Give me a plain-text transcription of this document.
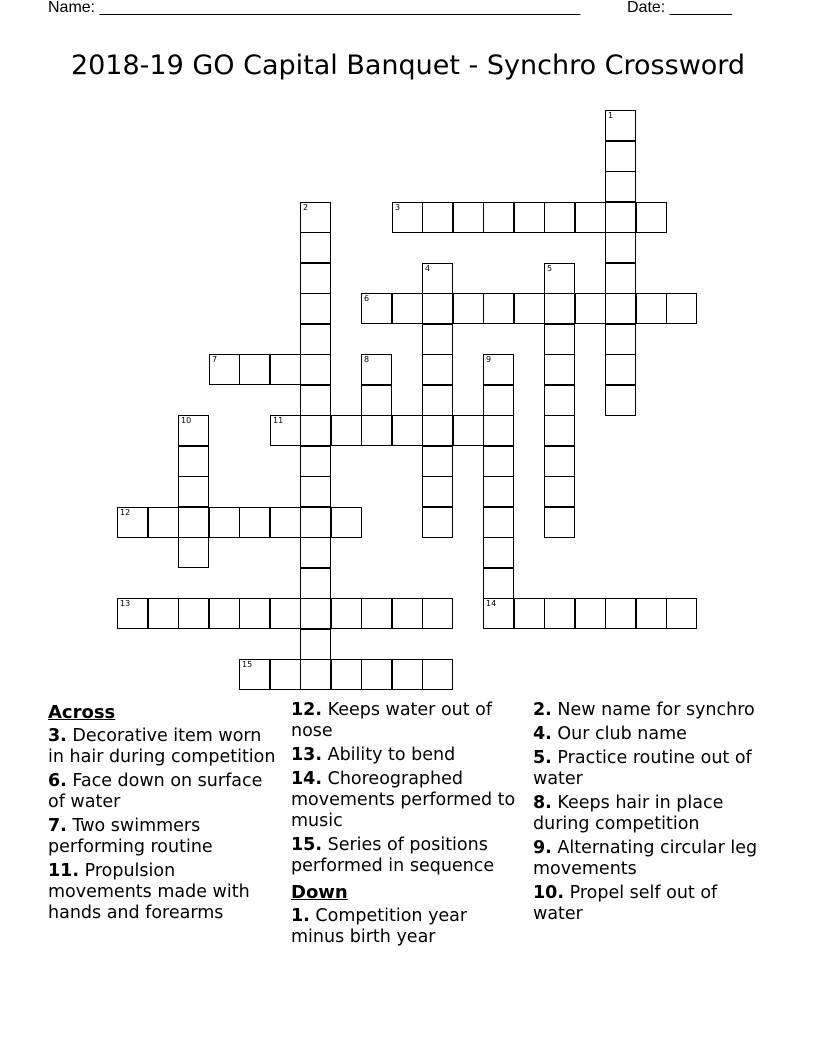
Name: ______________________________________________________	Date: _______
2018-19 GO Capital Banquet - Synchro Crossword
1
2
4	5
8	9
14
10
3
6
7
11
12
13
15
Across
3. Decorative item worn in hair during competition
6. Face down on surface of water
7. Two swimmers performing routine
11. Propulsion movements made with hands and forearms
12. Keeps water out of nose
13. Ability to bend
14. Choreographed movements performed to music
15. Series of positions performed in sequence
Down
1. Competition year minus birth year
2. New name for synchro
4. Our club name
5. Practice routine out of water
8. Keeps hair in place during competition
9. Alternating circular leg movements
10. Propel self out of water
